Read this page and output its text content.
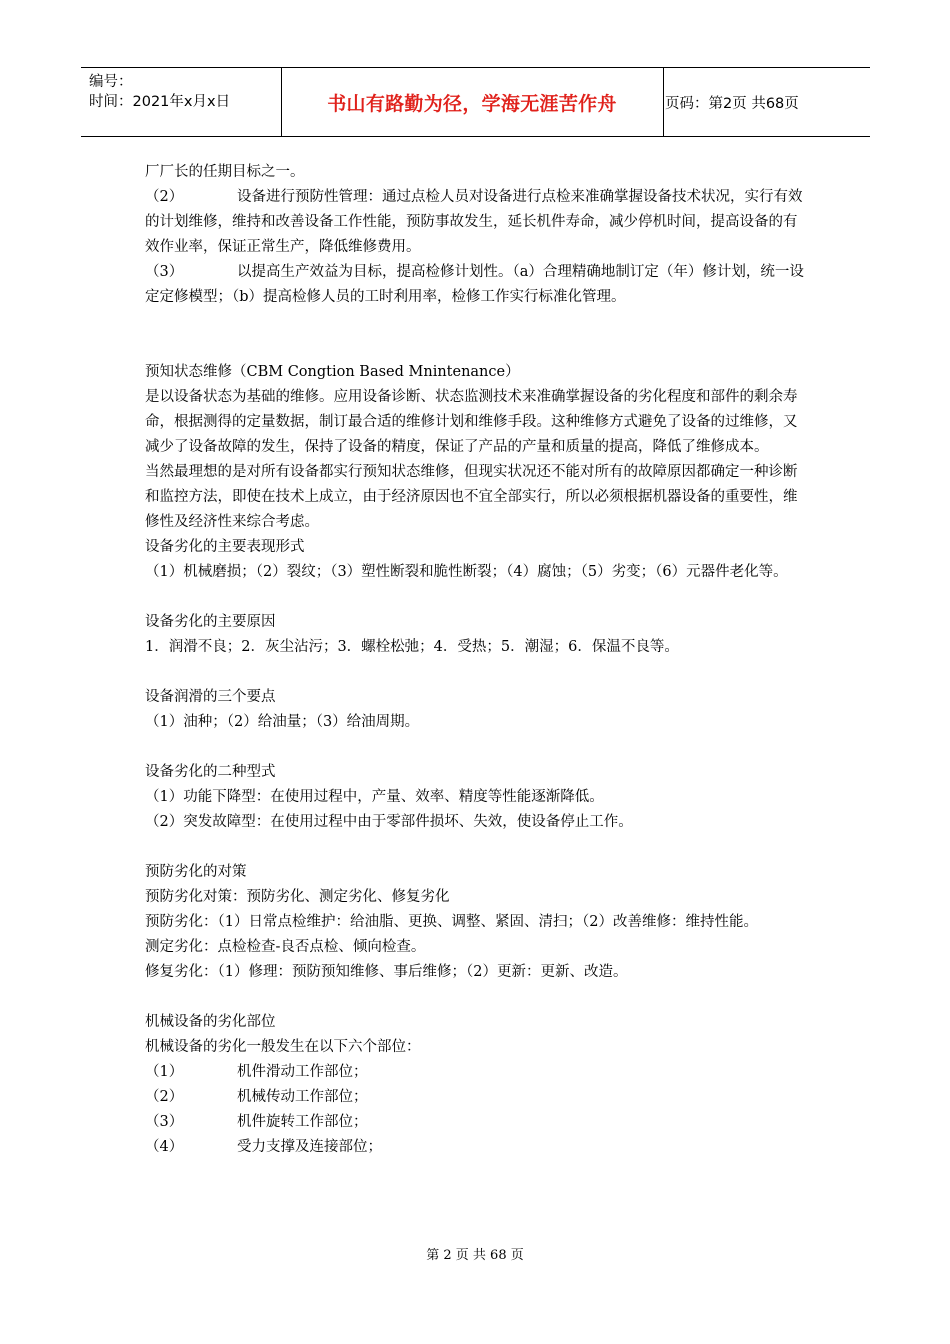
编号：
时间：2021年x月x日	书山有路勤为径，学海无涯苦作舟	页码：第2页 共68页

厂厂长的任期目标之一。

（2）	设备进行预防性管理：通过点检人员对设备进行点检来准确掌握设备技术状况，实行有效的计划维修，维持和改善设备工作性能，预防事故发生，延长机件寿命，减少停机时间，提高设备的有效作业率，保证正常生产，降低维修费用。

（3）	以提高生产效益为目标，提高检修计划性。（a）合理精确地制订定（年）修计划，统一设定定修模型；（b）提高检修人员的工时利用率，检修工作实行标准化管理。

预知状态维修（CBM Congtion Based Mnintenance）

是以设备状态为基础的维修。应用设备诊断、状态监测技术来准确掌握设备的劣化程度和部件的剩余寿命，根据测得的定量数据，制订最合适的维修计划和维修手段。这种维修方式避免了设备的过维修，又减少了设备故障的发生，保持了设备的精度，保证了产品的产量和质量的提高，降低了维修成本。

当然最理想的是对所有设备都实行预知状态维修，但现实状况还不能对所有的故障原因都确定一种诊断和监控方法，即使在技术上成立，由于经济原因也不宜全部实行，所以必须根据机器设备的重要性，维修性及经济性来综合考虑。

设备劣化的主要表现形式

（1）机械磨损；（2）裂纹；（3）塑性断裂和脆性断裂；（4）腐蚀；（5）劣变；（6）元器件老化等。

设备劣化的主要原因

1．润滑不良；2．灰尘沾污；3．螺栓松弛；4．受热；5．潮湿；6．保温不良等。

设备润滑的三个要点

（1）油种；（2）给油量；（3）给油周期。

设备劣化的二种型式

（1）功能下降型：在使用过程中，产量、效率、精度等性能逐渐降低。

（2）突发故障型：在使用过程中由于零部件损坏、失效，使设备停止工作。

预防劣化的对策

预防劣化对策：预防劣化、测定劣化、修复劣化

预防劣化：（1）日常点检维护：给油脂、更换、调整、紧固、清扫；（2）改善维修：维持性能。

测定劣化：点检检查-良否点检、倾向检查。

修复劣化：（1）修理：预防预知维修、事后维修；（2）更新：更新、改造。

机械设备的劣化部位

机械设备的劣化一般发生在以下六个部位：

（1）	机件滑动工作部位；

（2）	机械传动工作部位；

（3）	机件旋转工作部位；

（4）	受力支撑及连接部位；

第 2 页 共 68 页
